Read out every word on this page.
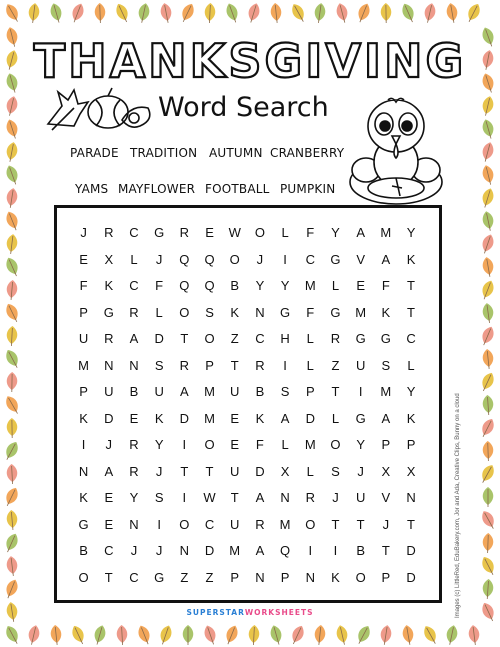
THANKSGIVING
Word Search
PARADE TRADITION AUTUMN CRANBERRY
YAMS MAYFLOWER FOOTBALL PUMPKIN
J	R	C	G	R	E	W	O	L	F	Y	A	M	Y
E	X	L	J	Q	Q	O	J	I	C	G	V	A	K
F	K	C	F	Q	Q	B	Y	Y	M	L	E	F	T
P	G	R	L	O	S	K	N	G	F	G	M	K	T
U	R	A	D	T	O	Z	C	H	L	R	G	G	C
M	N	N	S	R	P	T	R	I	L	Z	U	S	L
P	U	B	U	A	M	U	B	S	P	T	I	M	Y
K	D	E	K	D	M	E	K	A	D	L	G	A	K
I	J	R	Y	I	O	E	F	L	M	O	Y	P	P
N	A	R	J	T	T	U	D	X	L	S	J	X	X
K	E	Y	S	I	W	T	A	N	R	J	U	V	N
G	E	N	I	O	C	U	R	M	O	T	T	J	T
B	C	J	J	N	D	M	A	Q	I	I	B	T	D
O	T	C	G	Z	Z	P	N	P	N	K	O	P	D
SUPERSTARWORKSHEETS	Images (c) LittleRed, EduBakery.com, Jor and Ada, Creative Clips, Bunny on a cloud
